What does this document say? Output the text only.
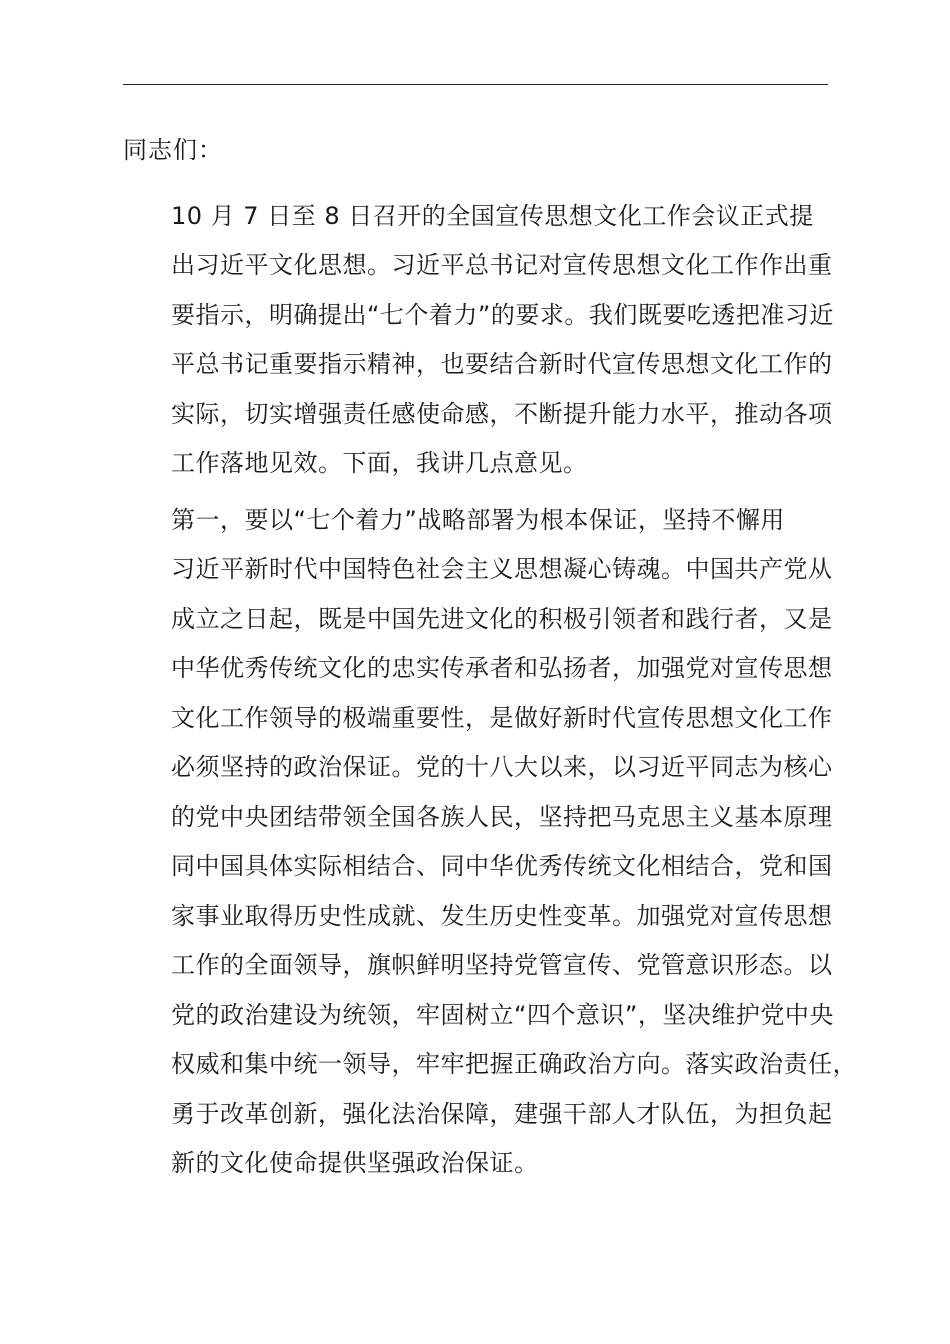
同志们：

10 月 7 日至 8 日召开的全国宣传思想文化工作会议正式提
出习近平文化思想。习近平总书记对宣传思想文化工作作出重
要指示，明确提出“七个着力”的要求。我们既要吃透把准习近
平总书记重要指示精神，也要结合新时代宣传思想文化工作的
实际，切实增强责任感使命感，不断提升能力水平，推动各项
工作落地见效。下面，我讲几点意见。

第一，要以“七个着力”战略部署为根本保证，坚持不懈用
习近平新时代中国特色社会主义思想凝心铸魂。中国共产党从
成立之日起，既是中国先进文化的积极引领者和践行者，又是
中华优秀传统文化的忠实传承者和弘扬者，加强党对宣传思想
文化工作领导的极端重要性，是做好新时代宣传思想文化工作
必须坚持的政治保证。党的十八大以来，以习近平同志为核心
的党中央团结带领全国各族人民，坚持把马克思主义基本原理
同中国具体实际相结合、同中华优秀传统文化相结合，党和国
家事业取得历史性成就、发生历史性变革。加强党对宣传思想
工作的全面领导，旗帜鲜明坚持党管宣传、党管意识形态。以
党的政治建设为统领，牢固树立“四个意识”，坚决维护党中央
权威和集中统一领导，牢牢把握正确政治方向。落实政治责任，
勇于改革创新，强化法治保障，建强干部人才队伍，为担负起
新的文化使命提供坚强政治保证。
